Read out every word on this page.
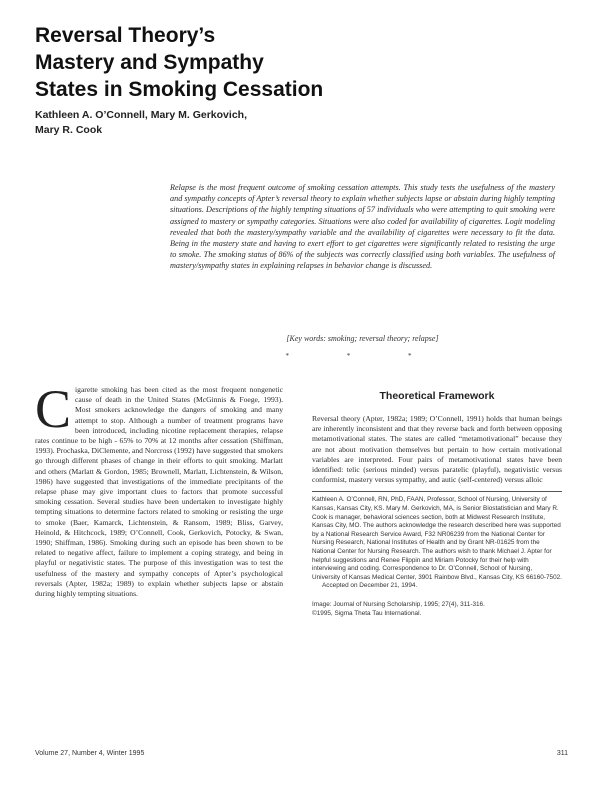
Reversal Theory’s
Mastery and Sympathy
States in Smoking Cessation
Kathleen A. O’Connell, Mary M. Gerkovich,
Mary R. Cook
Relapse is the most frequent outcome of smoking cessation attempts. This study tests the usefulness of the mastery and sympathy concepts of Apter’s reversal theory to explain whether subjects lapse or abstain during highly tempting situations. Descriptions of the highly tempting situations of 57 individuals who were attempting to quit smoking were assigned to mastery or sympathy categories. Situations were also coded for availability of cigarettes. Logit modeling revealed that both the mastery/sympathy variable and the availability of cigarettes were necessary to fit the data. Being in the mastery state and having to exert effort to get cigarettes were significantly related to resisting the urge to smoke. The smoking status of 86% of the subjects was correctly classified using both variables. The usefulness of mastery/sympathy states in explaining relapses in behavior change is discussed.
[Key words: smoking; reversal theory; relapse]
* * *
C igarette smoking has been cited as the most frequent nongenetic cause of death in the United States (McGinnis & Foege, 1993). Most smokers acknowledge the dangers of smoking and many attempt to stop. Although a number of treatment programs have been introduced, including nicotine replacement therapies, relapse rates continue to be high - 65% to 70% at 12 months after cessation (Shiffman, 1993). Prochaska, DiClemente, and Norcross (1992) have suggested that smokers go through different phases of change in their efforts to quit smoking. Marlatt and others (Marlatt & Gordon, 1985; Brownell, Marlatt, Lichtenstein, & Wilson, 1986) have suggested that investigations of the immediate precipitants of the relapse phase may give important clues to factors that promote successful smoking cessation. Several studies have been undertaken to investigate highly tempting situations to determine factors related to smoking or resisting the urge to smoke (Baer, Kamarck, Lichtenstein, & Ransom, 1989; Bliss, Garvey, Heinold, & Hitchcock, 1989; O’Connell, Cook, Gerkovich, Potocky, & Swan, 1990; Shiffman, 1986). Smoking during such an episode has been shown to be related to negative affect, failure to implement a coping strategy, and being in playful or negativistic states. The purpose of this investigation was to test the usefulness of the mastery and sympathy concepts of Apter’s psychological reversals (Apter, 1982a; 1989) to explain whether subjects lapse or abstain during highly tempting situations.
Theoretical Framework

Reversal theory (Apter, 1982a; 1989; O’Connell, 1991) holds that human beings are inherently inconsistent and that they reverse back and forth between opposing metamotivational states. The states are called “metamotivational” because they are not about motivation themselves but pertain to how certain motivational variables are interpreted. Four pairs of metamotivational states have been identified: telic (serious minded) versus paratelic (playful), negativistic versus conformist, mastery versus sympathy, and autic (self-centered) versus alloic

Kathleen A. O’Connell, RN, PhD, FAAN, Professor, School of Nursing, University of Kansas, Kansas City, KS. Mary M. Gerkovich, MA, is Senior Biostatistician and Mary R. Cook is manager, behavioral sciences section, both at Midwest Research Institute, Kansas City, MO. The authors acknowledge the research described here was supported by a National Research Service Award, F32 NR06239 from the National Center for Nursing Research, National Institutes of Health and by Grant NR-01625 from the National Center for Nursing Research. The authors wish to thank Michael J. Apter for helpful suggestions and Renee Flippin and Miriam Potocky for their help with interviewing and coding. Correspondence to Dr. O’Connell, School of Nursing, University of Kansas Medical Center, 3901 Rainbow Blvd., Kansas City, KS 66160-7502.

Accepted on December 21, 1994.

Image: Journal of Nursing Scholarship, 1995; 27(4), 311-316.
©1995, Sigma Theta Tau International.
Volume 27, Number 4, Winter 1995	311
